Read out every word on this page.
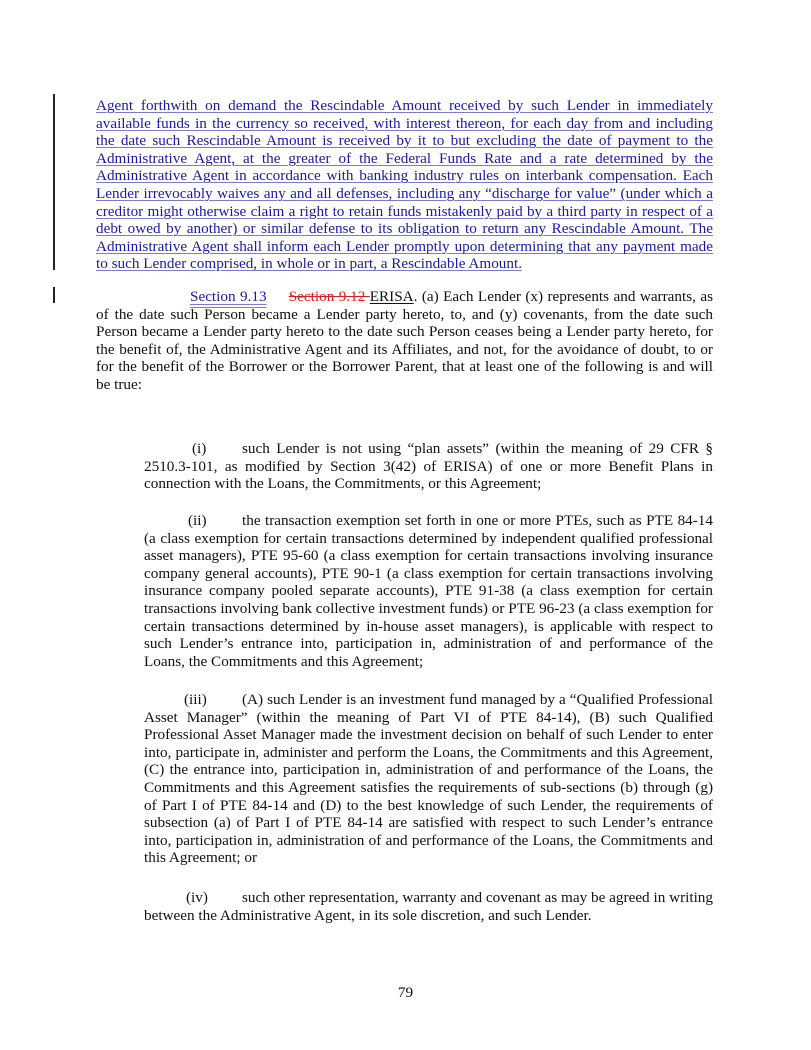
Agent forthwith on demand the Rescindable Amount received by such Lender in immediately available funds in the currency so received, with interest thereon, for each day from and including the date such Rescindable Amount is received by it to but excluding the date of payment to the Administrative Agent, at the greater of the Federal Funds Rate and a rate determined by the Administrative Agent in accordance with banking industry rules on interbank compensation. Each Lender irrevocably waives any and all defenses, including any “discharge for value” (under which a creditor might otherwise claim a right to retain funds mistakenly paid by a third party in respect of a debt owed by another) or similar defense to its obligation to return any Rescindable Amount. The Administrative Agent shall inform each Lender promptly upon determining that any payment made to such Lender comprised, in whole or in part, a Rescindable Amount.

Section 9.13 Section 9.12 ERISA. (a) Each Lender (x) represents and warrants, as of the date such Person became a Lender party hereto, to, and (y) covenants, from the date such Person became a Lender party hereto to the date such Person ceases being a Lender party hereto, for the benefit of, the Administrative Agent and its Affiliates, and not, for the avoidance of doubt, to or for the benefit of the Borrower or the Borrower Parent, that at least one of the following is and will be true:

(i) such Lender is not using “plan assets” (within the meaning of 29 CFR § 2510.3-101, as modified by Section 3(42) of ERISA) of one or more Benefit Plans in connection with the Loans, the Commitments, or this Agreement;

(ii) the transaction exemption set forth in one or more PTEs, such as PTE 84-14 (a class exemption for certain transactions determined by independent qualified professional asset managers), PTE 95-60 (a class exemption for certain transactions involving insurance company general accounts), PTE 90-1 (a class exemption for certain transactions involving insurance company pooled separate accounts), PTE 91-38 (a class exemption for certain transactions involving bank collective investment funds) or PTE 96-23 (a class exemption for certain transactions determined by in-house asset managers), is applicable with respect to such Lender’s entrance into, participation in, administration of and performance of the Loans, the Commitments and this Agreement;

(iii) (A) such Lender is an investment fund managed by a “Qualified Professional Asset Manager” (within the meaning of Part VI of PTE 84-14), (B) such Qualified Professional Asset Manager made the investment decision on behalf of such Lender to enter into, participate in, administer and perform the Loans, the Commitments and this Agreement, (C) the entrance into, participation in, administration of and performance of the Loans, the Commitments and this Agreement satisfies the requirements of sub-sections (b) through (g) of Part I of PTE 84-14 and (D) to the best knowledge of such Lender, the requirements of subsection (a) of Part I of PTE 84-14 are satisfied with respect to such Lender’s entrance into, participation in, administration of and performance of the Loans, the Commitments and this Agreement; or

(iv) such other representation, warranty and covenant as may be agreed in writing between the Administrative Agent, in its sole discretion, and such Lender.

79
